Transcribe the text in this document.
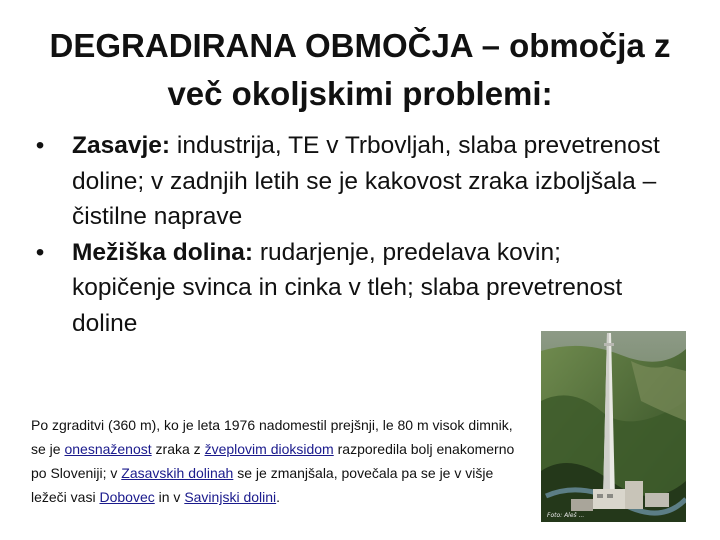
DEGRADIRANA OBMOČJA – območja z
več okoljskimi problemi:
• Zasavje: industrija, TE v Trbovljah, slaba prevetrenost doline; v zadnjih letih se je kakovost zraka izboljšala – čistilne naprave
• Mežiška dolina: rudarjenje, predelava kovin; kopičenje svinca in cinka v tleh; slaba prevetrenost doline
Po zgraditvi (360 m), ko je leta 1976 nadomestil prejšnji, le 80 m visok dimnik, se je onesnaženost zraka z žveplovim dioksidom razporedila bolj enakomerno po Sloveniji; v Zasavskih dolinah se je zmanjšala, povečala pa se je v višje ležeči vasi Dobovec in v Savinjski dolini.
Foto: Aleš ...
